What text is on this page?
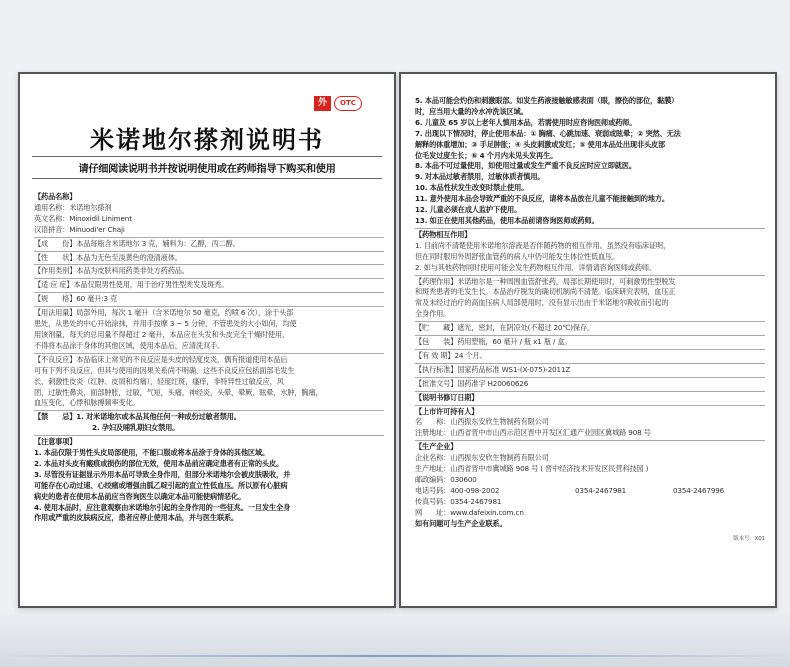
外	OTC
米诺地尔搽剂说明书
请仔细阅读说明书并按说明使用或在药师指导下购买和使用
【药品名称】
通用名称：米诺地尔搽剂
英文名称：Minoxidil Liniment
汉语拼音：Minuodi'er Chaji
【成　　份】本品每瓶含米诺地尔 3 克，辅料为：乙醇，丙二醇。
【性　　状】本品为无色至淡黄色的澄清液体。
【作用类别】本品为皮肤科用药类非处方药药品。
【适 应 症】本品仅限男性使用，用于治疗男性型秃发及斑秃。
【规　　格】60 毫升:3 克
【用法用量】局部外用，每次 1 毫升（含米诺地尔 50 毫克，约喷 6 次），涂于头部
患处，从患处的中心开始涂抹，并用手按摩 3 ~ 5 分钟，不管患处的大小如何，均使
用该剂量，每天的总用量不得超过 2 毫升，本品应在头发和头皮完全干燥时使用，
不得将本品涂于身体的其他区域，使用本品后，应清洗双手。
【不良反应】本品临床上常见的不良反应是头皮的轻度皮炎，偶有报道使用本品后
可有下列不良反应，但其与使用的因果关系尚不明确，这些不良反应包括面部毛发生
长，刺激性皮炎（红肿、皮屑和灼痛），轻度红斑，瘙痒，非特异性过敏反应，风
团，过敏性鼻炎，面部肿胀，过敏，气短，头痛，神经炎，头晕，晕厥，眩晕，水肿，胸痛，
血压变化，心悸和脉搏频率变化。
【禁　　忌】1. 对米诺地尔或本品其他任何一种成份过敏者禁用。
2. 孕妇及哺乳期妇女禁用。
【注意事项】
1. 本品仅限于男性头皮局部使用，不能口服或将本品涂于身体的其他区域。
2. 本品对头皮有瘢痕或损伤的部位无效，使用本品前应确定患者有正常的头皮。
3. 尽管没有证据显示外用本品可导致全身作用，但部分米诺地尔会被皮肤吸收，并
可能存在心动过速、心绞痛或增强由胍乙啶引起的直立性低血压。所以原有心脏病
病史的患者在使用本品前应当咨询医生以确定本品可能使病情恶化。
4. 使用本品时，应注意观察由米诺地尔引起的全身作用的一些征兆。一旦发生全身
作用或严重的皮肤病反应，患者应停止使用本品，并与医生联系。
5. 本品可能会灼伤和刺激眼部。如发生药液接触敏感表面（眼，擦伤的部位，黏膜）
时，应当用大量的冷水冲洗该区域。
6. 儿童及 65 岁以上老年人慎用本品，若需使用时应咨询医师或药师。
7. 出现以下情况时，停止使用本品：① 胸痛、心跳加速、衰弱或眩晕；② 突然、无法
解释的体重增加；③ 手足肿胀；④ 头皮刺激或发红；⑤ 使用本品处出现非头皮部
位毛发过度生长；⑥ 4 个月内未见头发再生。
8. 本品不可过量使用，如使用过量或发生严重不良反应时应立即就医。
9. 对本品过敏者禁用，过敏体质者慎用。
10. 本品性状发生改变时禁止使用。
11. 意外使用本品会导致严重的不良反应，请将本品放在儿童不能接触到的地方。
12. 儿童必须在成人监护下使用。
13. 如正在使用其他药品，使用本品前请咨询医师或药师。
【药物相互作用】
1. 目前尚不清楚使用米诺地尔溶液是否伴随药物的相互作用。虽然没有临床证明，
但在同时服用外周舒张血管药的病人中仍可能发生体位性低血压。
2. 如与其他药物同时使用可能会发生药物相互作用，详情请咨询医师或药师。
【药理作用】米诺地尔是一种周围血管舒张药，局部长期使用时，可刺激男性型脱发
和斑秃患者的毛发生长。本品治疗脱发的确切机制尚不清楚。临床研究表明，血压正
常及未经过治疗的高血压病人局部使用时，没有显示出由于米诺地尔吸收而引起的
全身作用。
【贮　　藏】遮光，密封，在阴凉处(不超过 20℃)保存。
【包　　装】药用塑瓶，60 毫升 / 瓶 x1 瓶 / 盒。
【有 效 期】24 个月。
【执行标准】国家药品标准 WS1-(X-075)-2011Z
【批准文号】国药准字 H20060626
【说明书修订日期】
【上市许可持有人】
名　　称：山西振东安欣生物制药有限公司
注册地址：山西省晋中市山西示范区晋中开发区汇通产业园区冀城路 908 号
【生产企业】
企业名称：山西振东安欣生物制药有限公司
生产地址：山西省晋中市冀城路 908 号 ( 晋中经济技术开发区民营科技园 )
邮政编码：030600
电话号码：400-098-2002	0354-2467981	0354-2467996
传真号码：0354-2467981
网　　址：www.dafeixin.com.cn
如有问题可与生产企业联系。
版本号：X01
